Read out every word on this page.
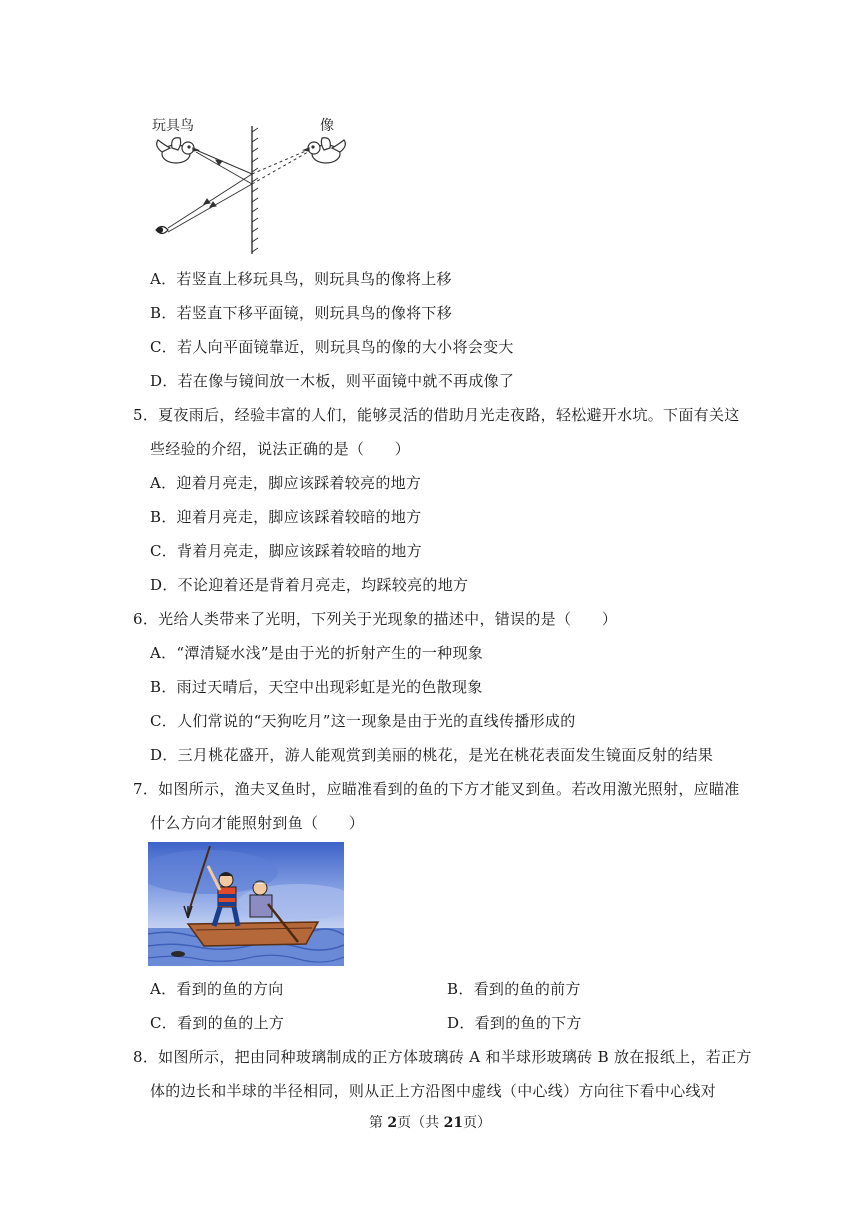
玩具鸟	像
A．若竖直上移玩具鸟，则玩具鸟的像将上移
B．若竖直下移平面镜，则玩具鸟的像将下移
C．若人向平面镜靠近，则玩具鸟的像的大小将会变大
D．若在像与镜间放一木板，则平面镜中就不再成像了
5．夏夜雨后，经验丰富的人们，能够灵活的借助月光走夜路，轻松避开水坑。下面有关这
些经验的介绍，说法正确的是（　　）
A．迎着月亮走，脚应该踩着较亮的地方
B．迎着月亮走，脚应该踩着较暗的地方
C．背着月亮走，脚应该踩着较暗的地方
D．不论迎着还是背着月亮走，均踩较亮的地方
6．光给人类带来了光明，下列关于光现象的描述中，错误的是（　　）
A．“潭清疑水浅”是由于光的折射产生的一种现象
B．雨过天晴后，天空中出现彩虹是光的色散现象
C．人们常说的“天狗吃月”这一现象是由于光的直线传播形成的
D．三月桃花盛开，游人能观赏到美丽的桃花，是光在桃花表面发生镜面反射的结果
7．如图所示，渔夫叉鱼时，应瞄准看到的鱼的下方才能叉到鱼。若改用激光照射，应瞄准
什么方向才能照射到鱼（　　）
A．看到的鱼的方向	B．看到的鱼的前方
C．看到的鱼的上方	D．看到的鱼的下方
8．如图所示，把由同种玻璃制成的正方体玻璃砖 A 和半球形玻璃砖 B 放在报纸上，若正方
体的边长和半球的半径相同，则从正上方沿图中虚线（中心线）方向往下看中心线对
第 2页（共 21页）
